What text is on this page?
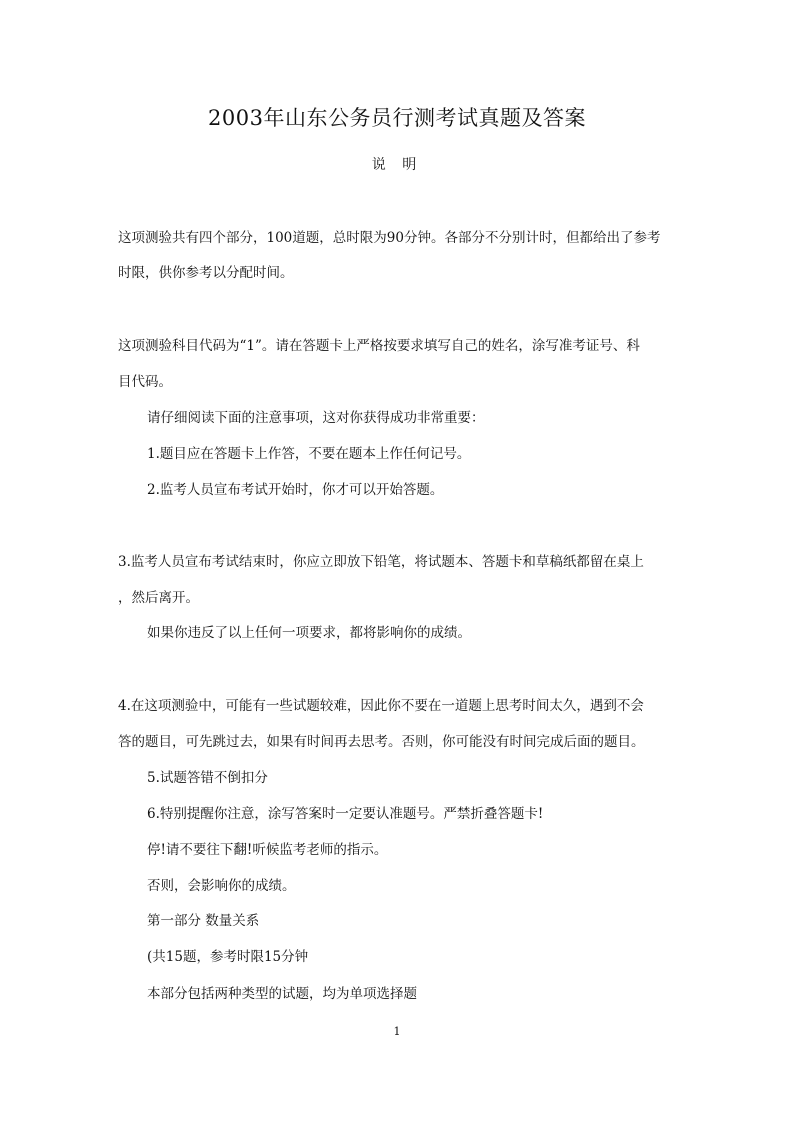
2003年山东公务员行测考试真题及答案
说 明
这项测验共有四个部分，100道题，总时限为90分钟。各部分不分别计时，但都给出了参考
时限，供你参考以分配时间。
这项测验科目代码为“1”。请在答题卡上严格按要求填写自己的姓名，涂写准考证号、科
目代码。
请仔细阅读下面的注意事项，这对你获得成功非常重要：
1.题目应在答题卡上作答，不要在题本上作任何记号。
2.监考人员宣布考试开始时，你才可以开始答题。
3.监考人员宣布考试结束时，你应立即放下铅笔，将试题本、答题卡和草稿纸都留在桌上
，然后离开。
如果你违反了以上任何一项要求，都将影响你的成绩。
4.在这项测验中，可能有一些试题较难，因此你不要在一道题上思考时间太久，遇到不会
答的题目，可先跳过去，如果有时间再去思考。否则，你可能没有时间完成后面的题目。
5.试题答错不倒扣分
6.特别提醒你注意，涂写答案时一定要认准题号。严禁折叠答题卡!
停!请不要往下翻!听候监考老师的指示。
否则，会影响你的成绩。
第一部分 数量关系
(共15题，参考时限15分钟
本部分包括两种类型的试题，均为单项选择题
1
